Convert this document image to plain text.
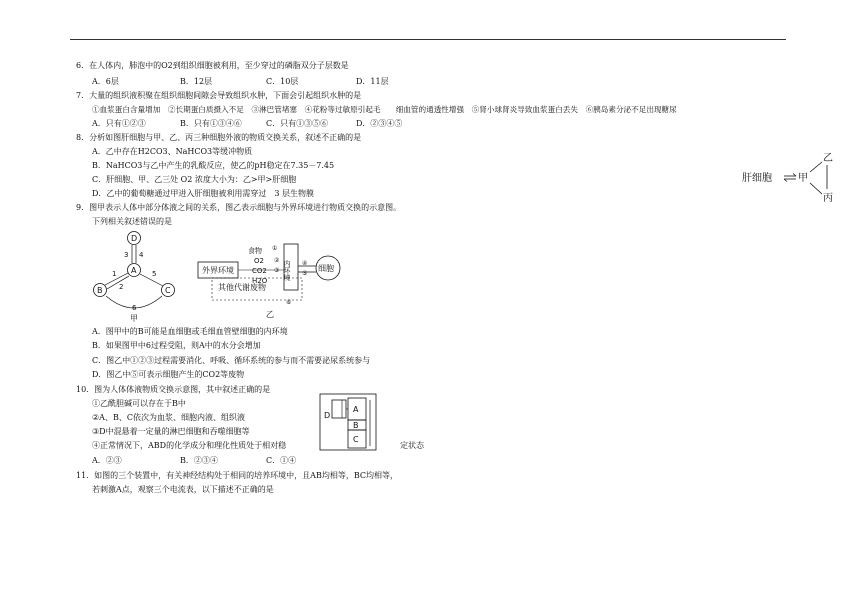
6．在人体内，肺泡中的O2到组织细胞被利用，至少穿过的磷脂双分子层数是
A．6层	B．12层	C．10层	D．11层
7．大量的组织液积聚在组织细胞间隙会导致组织水肿，下面会引起组织水肿的是
①血浆蛋白含量增加　②长期蛋白质摄入不足　③淋巴管堵塞　④花粉等过敏原引起毛　　细血管的通透性增强　⑤肾小球肾炎导致血浆蛋白丢失　⑥胰岛素分泌不足出现糖尿
A．只有①②③	B．只有①③④⑥	C．只有①③⑤⑥	D．②③④⑤
8．分析如图肝细胞与甲、乙、丙三种细胞外液的物质交换关系，叙述不正确的是
A．乙中存在H2CO3、NaHCO3等缓冲物质
B．NaHCO3与乙中产生的乳酸反应，使乙的pH稳定在7.35－7.45
C．肝细胞、甲、乙三处 O2 浓度大小为：乙>甲>肝细胞
D．乙中的葡萄糖通过甲进入肝细胞被利用需穿过　3 层生物膜
肝细胞	甲
乙
丙
9．图甲表示人体中部分体液之间的关系，图乙表示细胞与外界环境进行物质交换的示意图。
下列相关叙述错误的是
D
A
B	C
3 4
1
2
5
6
甲
外界环境
食物
O2
CO2
H2O
①
②
③ 内环境 ④
⑤
细胞
其他代谢废物
⑥
乙
A．图甲中的B可能是血细胞或毛细血管壁细胞的内环境
B．如果图甲中6过程受阻，则A中的水分会增加
C．图乙中①②③过程需要消化、呼吸、循环系统的参与而不需要泌尿系统参与
D．图乙中⑤可表示细胞产生的CO2等废物
10．图为人体体液物质交换示意图，其中叙述正确的是
①乙酰胆碱可以存在于B中
②A、B、C依次为血浆、细胞内液、组织液
③D中混悬着一定量的淋巴细胞和吞噬细胞等
④正常情况下，ABD的化学成分和理化性质处于相对稳	定状态
A．②③	B．②③④	C．①④
D
A
B
C
11．如图的三个装置中，有关神经结构处于相同的培养环境中，且AB均相等，BC均相等，
若刺激A点，观察三个电流表，以下描述不正确的是
